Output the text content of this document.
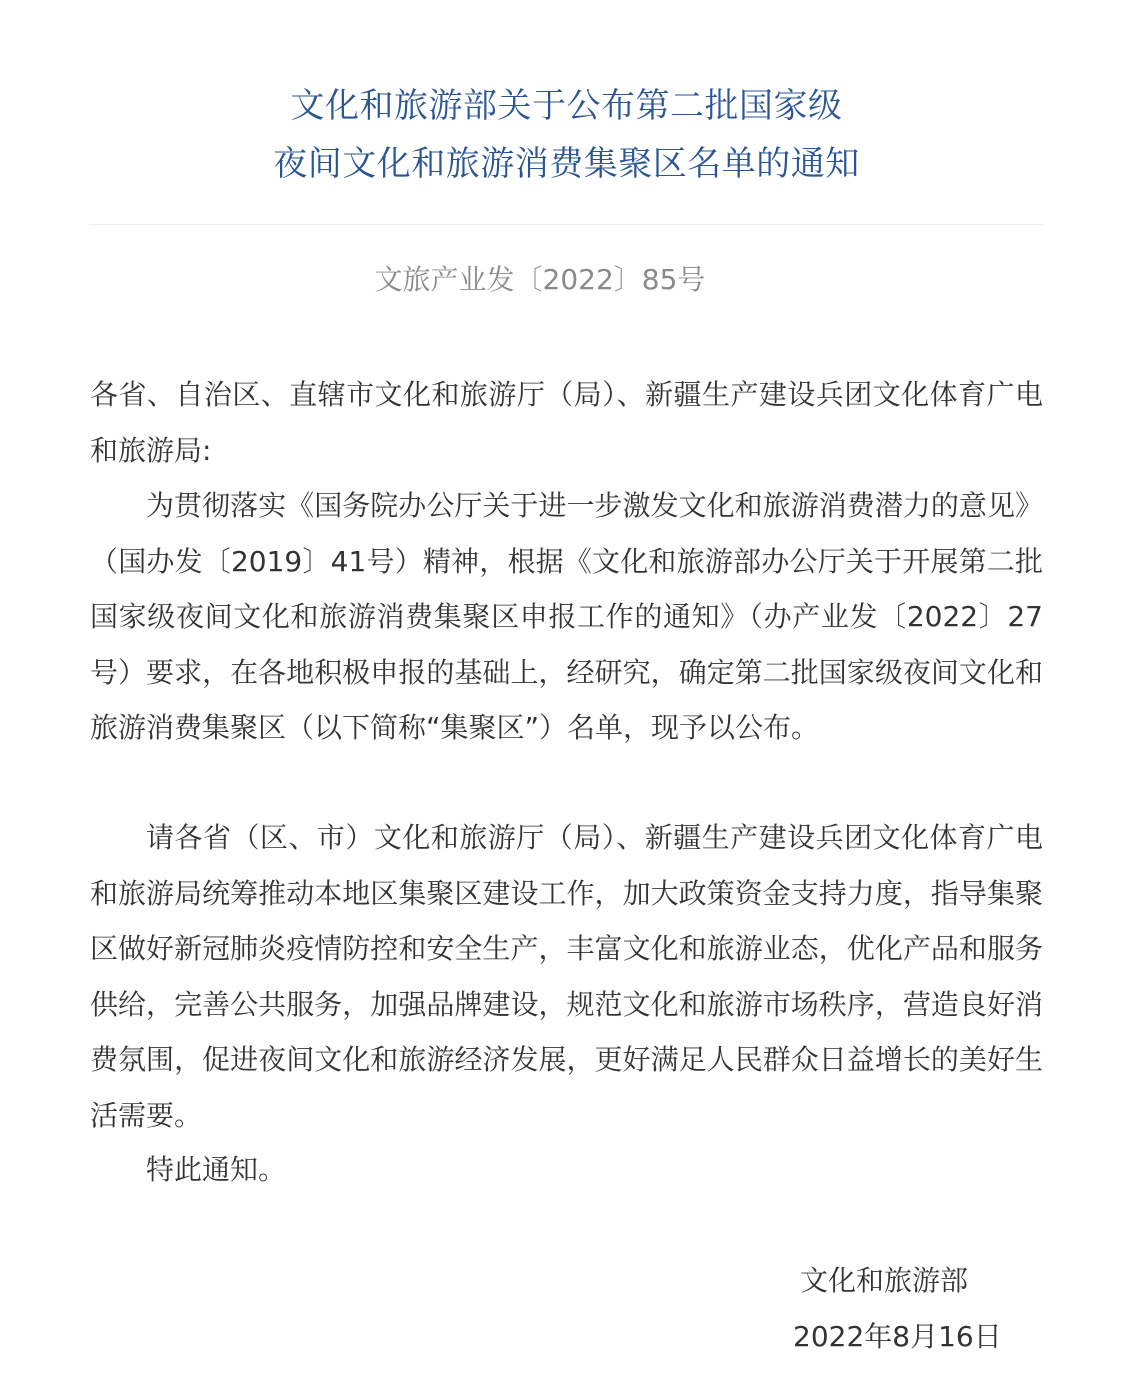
文化和旅游部关于公布第二批国家级
夜间文化和旅游消费集聚区名单的通知
文旅产业发〔2022〕85号
各省、自治区、直辖市文化和旅游厅（局）、新疆生产建设兵团文化体育广电和旅游局:
为贯彻落实《国务院办公厅关于进一步激发文化和旅游消费潜力的意见》（国办发〔2019〕41号）精神，根据《文化和旅游部办公厅关于开展第二批国家级夜间文化和旅游消费集聚区申报工作的通知》（办产业发〔2022〕27号）要求，在各地积极申报的基础上，经研究，确定第二批国家级夜间文化和旅游消费集聚区（以下简称“集聚区”）名单，现予以公布。
请各省（区、市）文化和旅游厅（局）、新疆生产建设兵团文化体育广电和旅游局统筹推动本地区集聚区建设工作，加大政策资金支持力度，指导集聚区做好新冠肺炎疫情防控和安全生产，丰富文化和旅游业态，优化产品和服务供给，完善公共服务，加强品牌建设，规范文化和旅游市场秩序，营造良好消费氛围，促进夜间文化和旅游经济发展，更好满足人民群众日益增长的美好生活需要。
特此通知。
文化和旅游部
2022年8月16日
